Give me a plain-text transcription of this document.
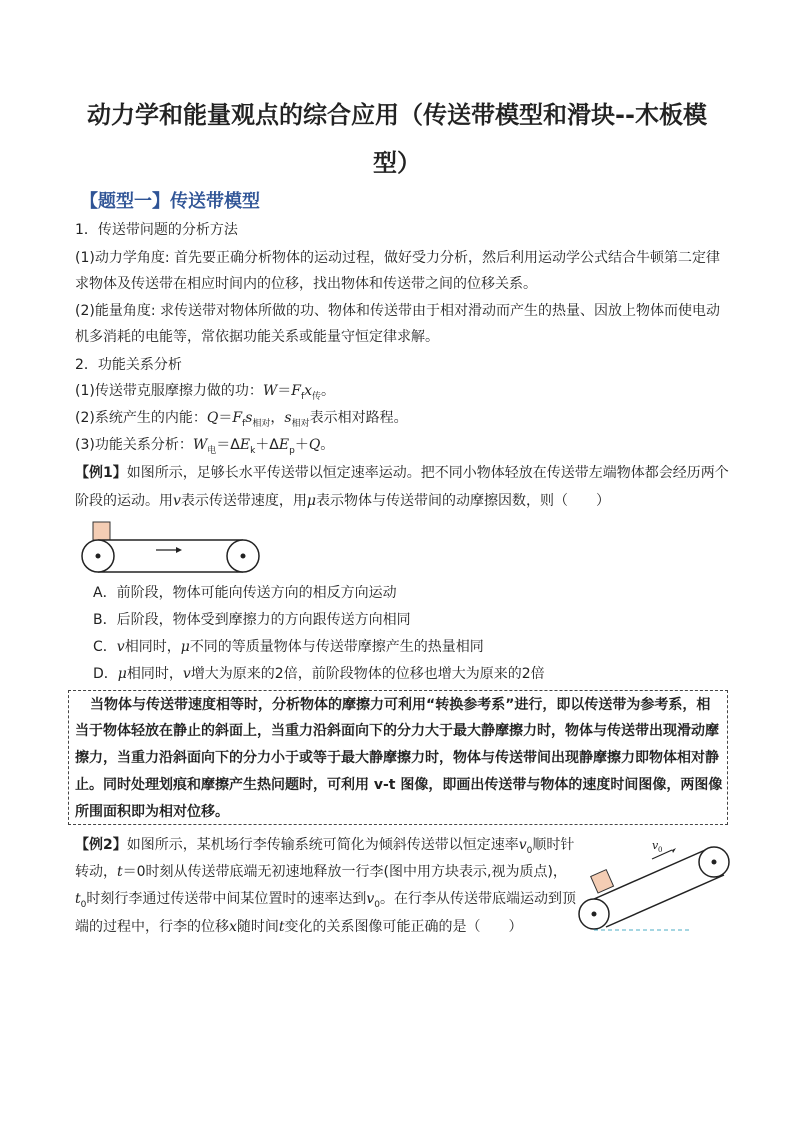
动力学和能量观点的综合应用（传送带模型和滑块--木板模
型）
【题型一】传送带模型
1．传送带问题的分析方法
(1)动力学角度: 首先要正确分析物体的运动过程，做好受力分析，然后利用运动学公式结合牛顿第二定律
求物体及传送带在相应时间内的位移，找出物体和传送带之间的位移关系。
(2)能量角度: 求传送带对物体所做的功、物体和传送带由于相对滑动而产生的热量、因放上物体而使电动
机多消耗的电能等，常依据功能关系或能量守恒定律求解。
2．功能关系分析
(1)传送带克服摩擦力做的功：$W=F_fx_传$。
(2)系统产生的内能：$Q=F_fs_{相对}$，$s_{相对}$表示相对路程。
(3)功能关系分析：$W_电=\Delta E_k+\Delta E_p+Q$。
【例1】如图所示，足够长水平传送带以恒定速率运动。把不同小物体轻放在传送带左端物体都会经历两个
阶段的运动。用v表示传送带速度，用μ表示物体与传送带间的动摩擦因数，则（　　）
A．前阶段，物体可能向传送方向的相反方向运动
B．后阶段，物体受到摩擦力的方向跟传送方向相同
C．v相同时，μ不同的等质量物体与传送带摩擦产生的热量相同
D．μ相同时，v增大为原来的2倍，前阶段物体的位移也增大为原来的2倍
当物体与传送带速度相等时，分析物体的摩擦力可利用“转换参考系”进行，即以传送带为参考系，相
当于物体轻放在静止的斜面上，当重力沿斜面向下的分力大于最大静摩擦力时，物体与传送带出现滑动摩
擦力，当重力沿斜面向下的分力小于或等于最大静摩擦力时，物体与传送带间出现静摩擦力即物体相对静
止。同时处理划痕和摩擦产生热问题时，可利用 v-t 图像，即画出传送带与物体的速度时间图像，两图像
所围面积即为相对位移。
【例2】如图所示，某机场行李传输系统可简化为倾斜传送带以恒定速率$v_0$顺时针
转动，t＝0时刻从传送带底端无初速地释放一行李(图中用方块表示,视为质点)，
$t_0$时刻行李通过传送带中间某位置时的速率达到$v_0$。在行李从传送带底端运动到顶
端的过程中，行李的位移x随时间t变化的关系图像可能正确的是（　　）
v 0
